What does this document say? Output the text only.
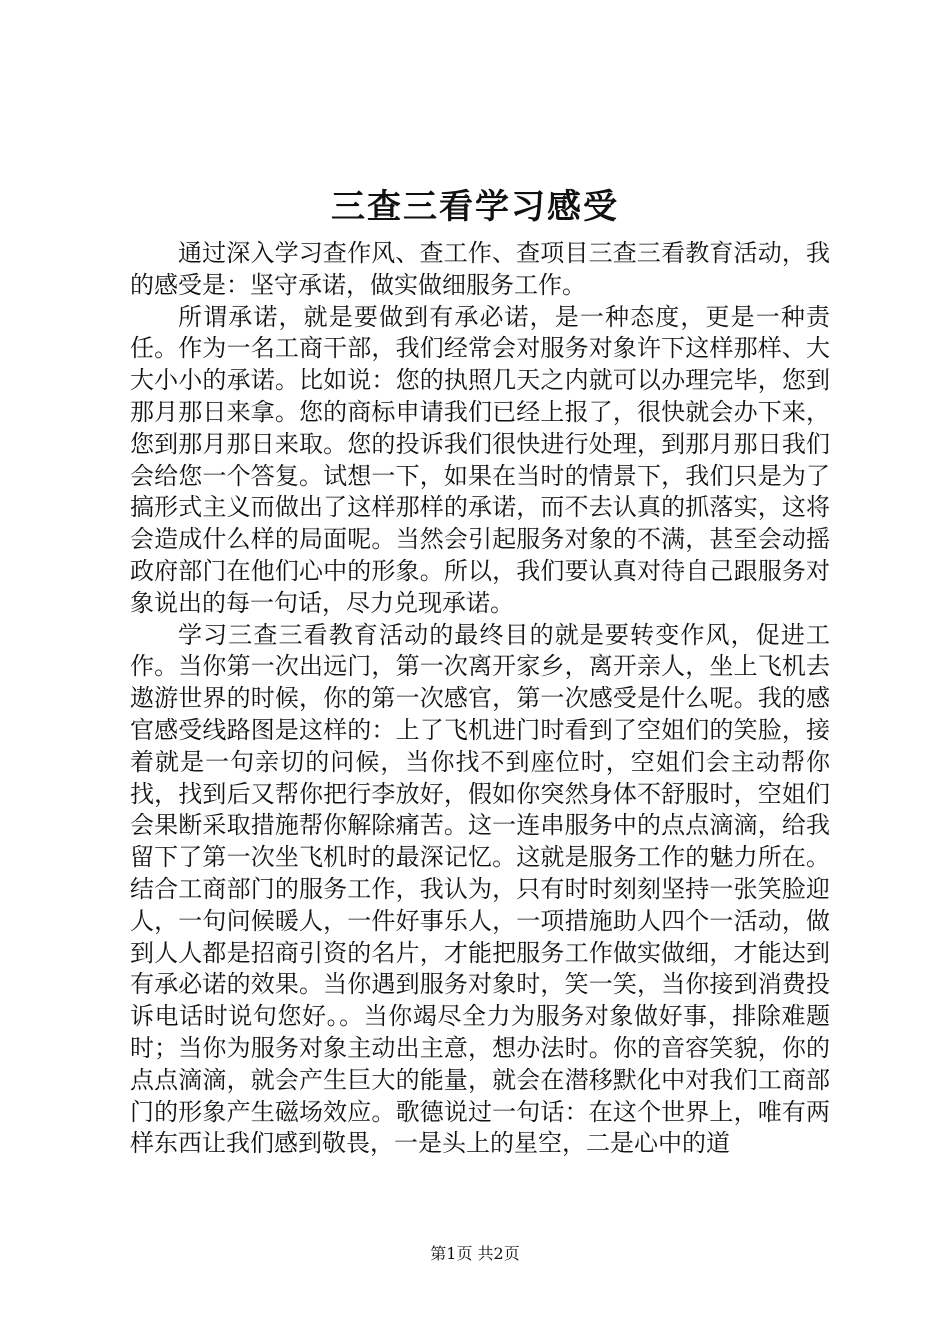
三查三看学习感受

通过深入学习查作风、查工作、查项目三查三看教育活动，我的感受是：坚守承诺，做实做细服务工作。

所谓承诺，就是要做到有承必诺，是一种态度，更是一种责任。作为一名工商干部，我们经常会对服务对象许下这样那样、大大小小的承诺。比如说：您的执照几天之内就可以办理完毕，您到那月那日来拿。您的商标申请我们已经上报了，很快就会办下来，您到那月那日来取。您的投诉我们很快进行处理，到那月那日我们会给您一个答复。试想一下，如果在当时的情景下，我们只是为了搞形式主义而做出了这样那样的承诺，而不去认真的抓落实，这将会造成什么样的局面呢。当然会引起服务对象的不满，甚至会动摇政府部门在他们心中的形象。所以，我们要认真对待自己跟服务对象说出的每一句话，尽力兑现承诺。

学习三查三看教育活动的最终目的就是要转变作风，促进工作。当你第一次出远门，第一次离开家乡，离开亲人，坐上飞机去遨游世界的时候，你的第一次感官，第一次感受是什么呢。我的感官感受线路图是这样的：上了飞机进门时看到了空姐们的笑脸，接着就是一句亲切的问候，当你找不到座位时，空姐们会主动帮你找，找到后又帮你把行李放好，假如你突然身体不舒服时，空姐们会果断采取措施帮你解除痛苦。这一连串服务中的点点滴滴，给我留下了第一次坐飞机时的最深记忆。这就是服务工作的魅力所在。结合工商部门的服务工作，我认为，只有时时刻刻坚持一张笑脸迎人，一句问候暖人，一件好事乐人，一项措施助人四个一活动，做到人人都是招商引资的名片，才能把服务工作做实做细，才能达到有承必诺的效果。当你遇到服务对象时，笑一笑，当你接到消费投诉电话时说句您好。。当你竭尽全力为服务对象做好事，排除难题时；当你为服务对象主动出主意，想办法时。你的音容笑貌，你的点点滴滴，就会产生巨大的能量，就会在潜移默化中对我们工商部门的形象产生磁场效应。歌德说过一句话：在这个世界上，唯有两样东西让我们感到敬畏，一是头上的星空，二是心中的道

第1页 共2页
